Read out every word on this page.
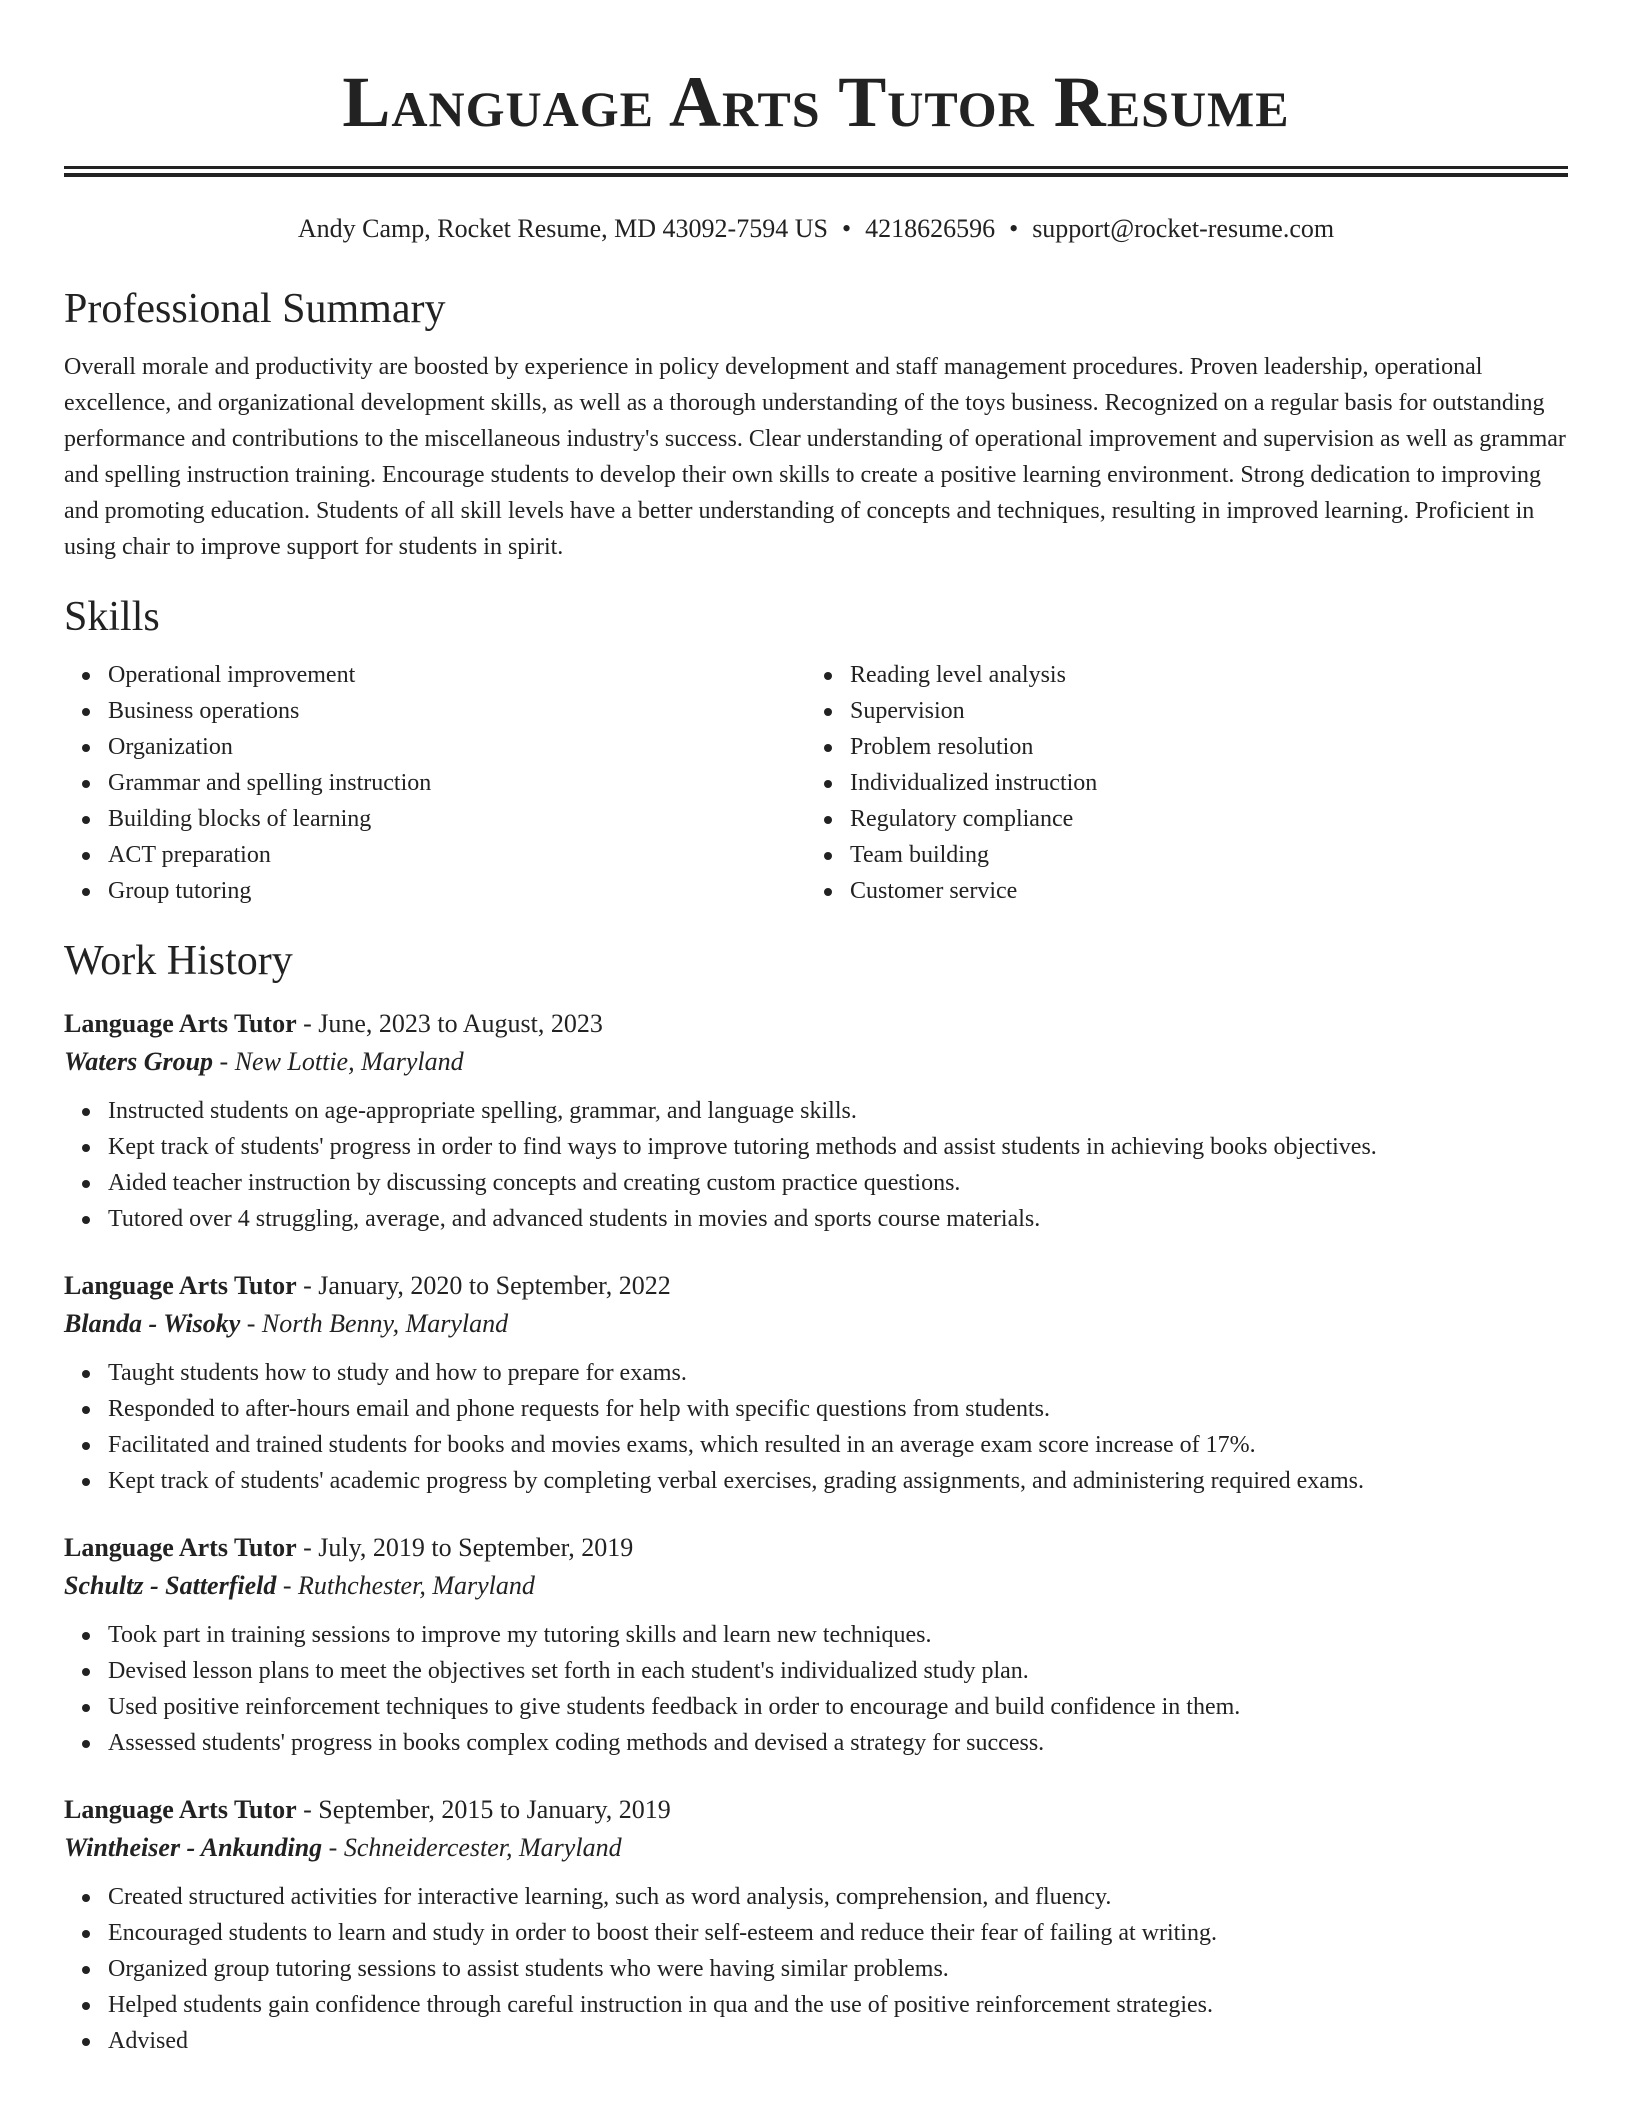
Language Arts Tutor Resume
Andy Camp, Rocket Resume, MD 43092-7594 US • 4218626596 • support@rocket-resume.com
Professional Summary

Overall morale and productivity are boosted by experience in policy development and staff management procedures. Proven leadership, operational excellence, and organizational development skills, as well as a thorough understanding of the toys business. Recognized on a regular basis for outstanding performance and contributions to the miscellaneous industry's success. Clear understanding of operational improvement and supervision as well as grammar and spelling instruction training. Encourage students to develop their own skills to create a positive learning environment. Strong dedication to improving and promoting education. Students of all skill levels have a better understanding of concepts and techniques, resulting in improved learning. Proficient in using chair to improve support for students in spirit.

Skills
Operational improvement
Business operations
Organization
Grammar and spelling instruction
Building blocks of learning
ACT preparation
Group tutoring
Reading level analysis
Supervision
Problem resolution
Individualized instruction
Regulatory compliance
Team building
Customer service
Work History
Language Arts Tutor - June, 2023 to August, 2023
Waters Group - New Lottie, Maryland
Instructed students on age-appropriate spelling, grammar, and language skills.
Kept track of students' progress in order to find ways to improve tutoring methods and assist students in achieving books objectives.
Aided teacher instruction by discussing concepts and creating custom practice questions.
Tutored over 4 struggling, average, and advanced students in movies and sports course materials.
Language Arts Tutor - January, 2020 to September, 2022
Blanda - Wisoky - North Benny, Maryland
Taught students how to study and how to prepare for exams.
Responded to after-hours email and phone requests for help with specific questions from students.
Facilitated and trained students for books and movies exams, which resulted in an average exam score increase of 17%.
Kept track of students' academic progress by completing verbal exercises, grading assignments, and administering required exams.
Language Arts Tutor - July, 2019 to September, 2019
Schultz - Satterfield - Ruthchester, Maryland
Took part in training sessions to improve my tutoring skills and learn new techniques.
Devised lesson plans to meet the objectives set forth in each student's individualized study plan.
Used positive reinforcement techniques to give students feedback in order to encourage and build confidence in them.
Assessed students' progress in books complex coding methods and devised a strategy for success.
Language Arts Tutor - September, 2015 to January, 2019
Wintheiser - Ankunding - Schneidercester, Maryland
Created structured activities for interactive learning, such as word analysis, comprehension, and fluency.
Encouraged students to learn and study in order to boost their self-esteem and reduce their fear of failing at writing.
Organized group tutoring sessions to assist students who were having similar problems.
Helped students gain confidence through careful instruction in qua and the use of positive reinforcement strategies.
Advised
